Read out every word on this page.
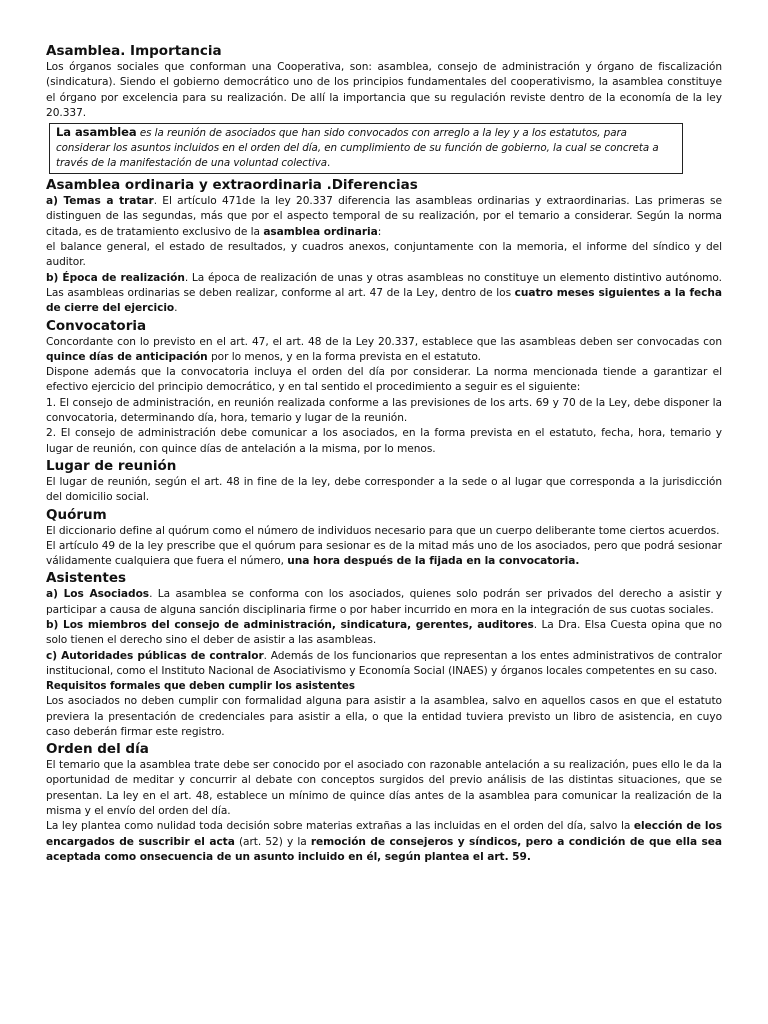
Asamblea. Importancia

Los órganos sociales que conforman una Cooperativa, son: asamblea, consejo de administración y órgano de fiscalización (sindicatura). Siendo el gobierno democrático uno de los principios fundamentales del cooperativismo, la asamblea constituye el órgano por excelencia para su realización. De allí la importancia que su regulación reviste dentro de la economía de la ley 20.337.

La asamblea es la reunión de asociados que han sido convocados con arreglo a la ley y a los estatutos, para considerar los asuntos incluidos en el orden del día, en cumplimiento de su función de gobierno, la cual se concreta a través de la manifestación de una voluntad colectiva.

Asamblea ordinaria y extraordinaria .Diferencias

a) Temas a tratar. El artículo 471de la ley 20.337 diferencia las asambleas ordinarias y extraordinarias. Las primeras se distinguen de las segundas, más que por el aspecto temporal de su realización, por el temario a considerar. Según la norma citada, es de tratamiento exclusivo de la asamblea ordinaria:

el balance general, el estado de resultados, y cuadros anexos, conjuntamente con la memoria, el informe del síndico y del auditor.

b) Época de realización. La época de realización de unas y otras asambleas no constituye un elemento distintivo autónomo. Las asambleas ordinarias se deben realizar, conforme al art. 47 de la Ley, dentro de los cuatro meses siguientes a la fecha de cierre del ejercicio.

Convocatoria

Concordante con lo previsto en el art. 47, el art. 48 de la Ley 20.337, establece que las asambleas deben ser convocadas con quince días de anticipación por lo menos, y en la forma prevista en el estatuto.

Dispone además que la convocatoria incluya el orden del día por considerar. La norma mencionada tiende a garantizar el efectivo ejercicio del principio democrático, y en tal sentido el procedimiento a seguir es el siguiente:

1. El consejo de administración, en reunión realizada conforme a las previsiones de los arts. 69 y 70 de la Ley, debe disponer la convocatoria, determinando día, hora, temario y lugar de la reunión.

2. El consejo de administración debe comunicar a los asociados, en la forma prevista en el estatuto, fecha, hora, temario y lugar de reunión, con quince días de antelación a la misma, por lo menos.

Lugar de reunión

El lugar de reunión, según el art. 48 in fine de la ley, debe corresponder a la sede o al lugar que corresponda a la jurisdicción del domicilio social.

Quórum

El diccionario define al quórum como el número de individuos necesario para que un cuerpo deliberante tome ciertos acuerdos.

El artículo 49 de la ley prescribe que el quórum para sesionar es de la mitad más uno de los asociados, pero que podrá sesionar válidamente cualquiera que fuera el número, una hora después de la fijada en la convocatoria.

Asistentes

a) Los Asociados. La asamblea se conforma con los asociados, quienes solo podrán ser privados del derecho a asistir y participar a causa de alguna sanción disciplinaria firme o por haber incurrido en mora en la integración de sus cuotas sociales.

b) Los miembros del consejo de administración, sindicatura, gerentes, auditores. La Dra. Elsa Cuesta opina que no solo tienen el derecho sino el deber de asistir a las asambleas.

c) Autoridades públicas de contralor. Además de los funcionarios que representan a los entes administrativos de contralor institucional, como el Instituto Nacional de Asociativismo y Economía Social (INAES) y órganos locales competentes en su caso.

Requisitos formales que deben cumplir los asistentes

Los asociados no deben cumplir con formalidad alguna para asistir a la asamblea, salvo en aquellos casos en que el estatuto previera la presentación de credenciales para asistir a ella, o que la entidad tuviera previsto un libro de asistencia, en cuyo caso deberán firmar este registro.

Orden del día

El temario que la asamblea trate debe ser conocido por el asociado con razonable antelación a su realización, pues ello le da la oportunidad de meditar y concurrir al debate con conceptos surgidos del previo análisis de las distintas situaciones, que se presentan. La ley en el art. 48, establece un mínimo de quince días antes de la asamblea para comunicar la realización de la misma y el envío del orden del día.

La ley plantea como nulidad toda decisión sobre materias extrañas a las incluidas en el orden del día, salvo la elección de los encargados de suscribir el acta (art. 52) y la remoción de consejeros y síndicos, pero a condición de que ella sea aceptada como onsecuencia de un asunto incluido en él, según plantea el art. 59.
